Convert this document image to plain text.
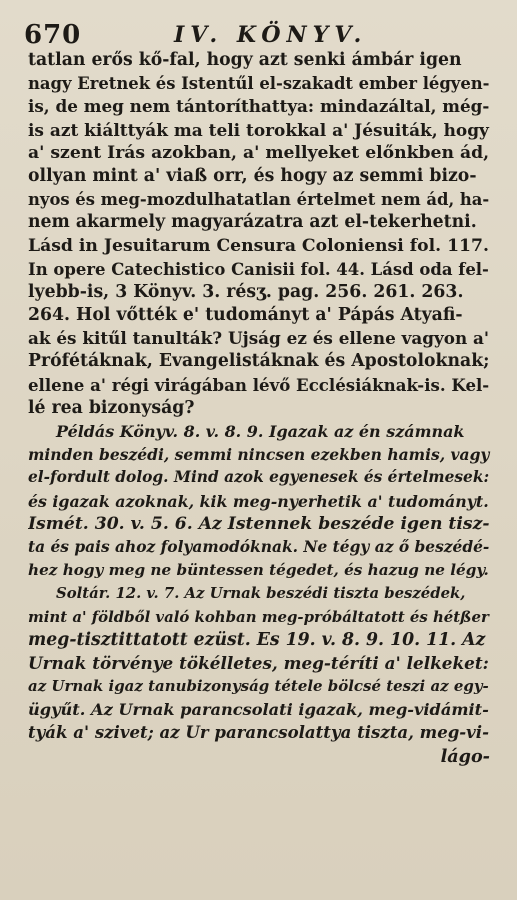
670	IV. KÖNYV.
tatlan erős kő-fal, hogy azt senki ámbár igen
nagy Eretnek és Istentűl el-szakadt ember légyen-
is, de meg nem tántoríthattya: mindazáltal, még-
is azt kiálttyák ma teli torokkal a' Jésuiták, hogy
a' szent Irás azokban, a' mellyeket előnkben ád,
ollyan mint a' viaß orr, és hogy az semmi bizo-
nyos és meg-mozdulhatatlan értelmet nem ád, ha-
nem akarmely magyarázatra azt el-tekerhetni.
Lásd in Jesuitarum Censura Coloniensi fol. 117.
In opere Catechistico Canisii fol. 44. Lásd oda fel-
lyebb-is, 3 Könyv. 3. résʒ. pag. 256. 261. 263.
264. Hol vőtték e' tudományt a' Pápás Atyafi-
ak és kitűl tanulták? Ujság ez és ellene vagyon a'
Prófétáknak, Evangelistáknak és Apostoloknak;
ellene a' régi virágában lévő Ecclésiáknak-is. Kel-
lé rea bizonyság?
Példás Könyv. 8. v. 8. 9. Igazak az én számnak
minden beszédi, semmi nincsen ezekben hamis, vagy
el-fordult dolog. Mind azok egyenesek és értelmesek:
és igazak azoknak, kik meg-nyerhetik a' tudományt.
Ismét. 30. v. 5. 6. Az Istennek beszéde igen tisz-
ta és pais ahoz folyamodóknak. Ne tégy az ő beszédé-
hez hogy meg ne büntessen tégedet, és hazug ne légy.
Soltár. 12. v. 7. Az Urnak beszédi tiszta beszédek,
mint a' földből való kohban meg-próbáltatott és hétßer
meg-tisztittatott ezüst. Es 19. v. 8. 9. 10. 11. Az
Urnak törvénye tökélletes, meg-téríti a' lelkeket:
az Urnak igaz tanubizonyság tétele bölcsé teszi az egy-
ügyűt. Az Urnak parancsolati igazak, meg-vidámit-
tyák a' szivet; az Ur parancsolattya tiszta, meg-vi-
lágo-
